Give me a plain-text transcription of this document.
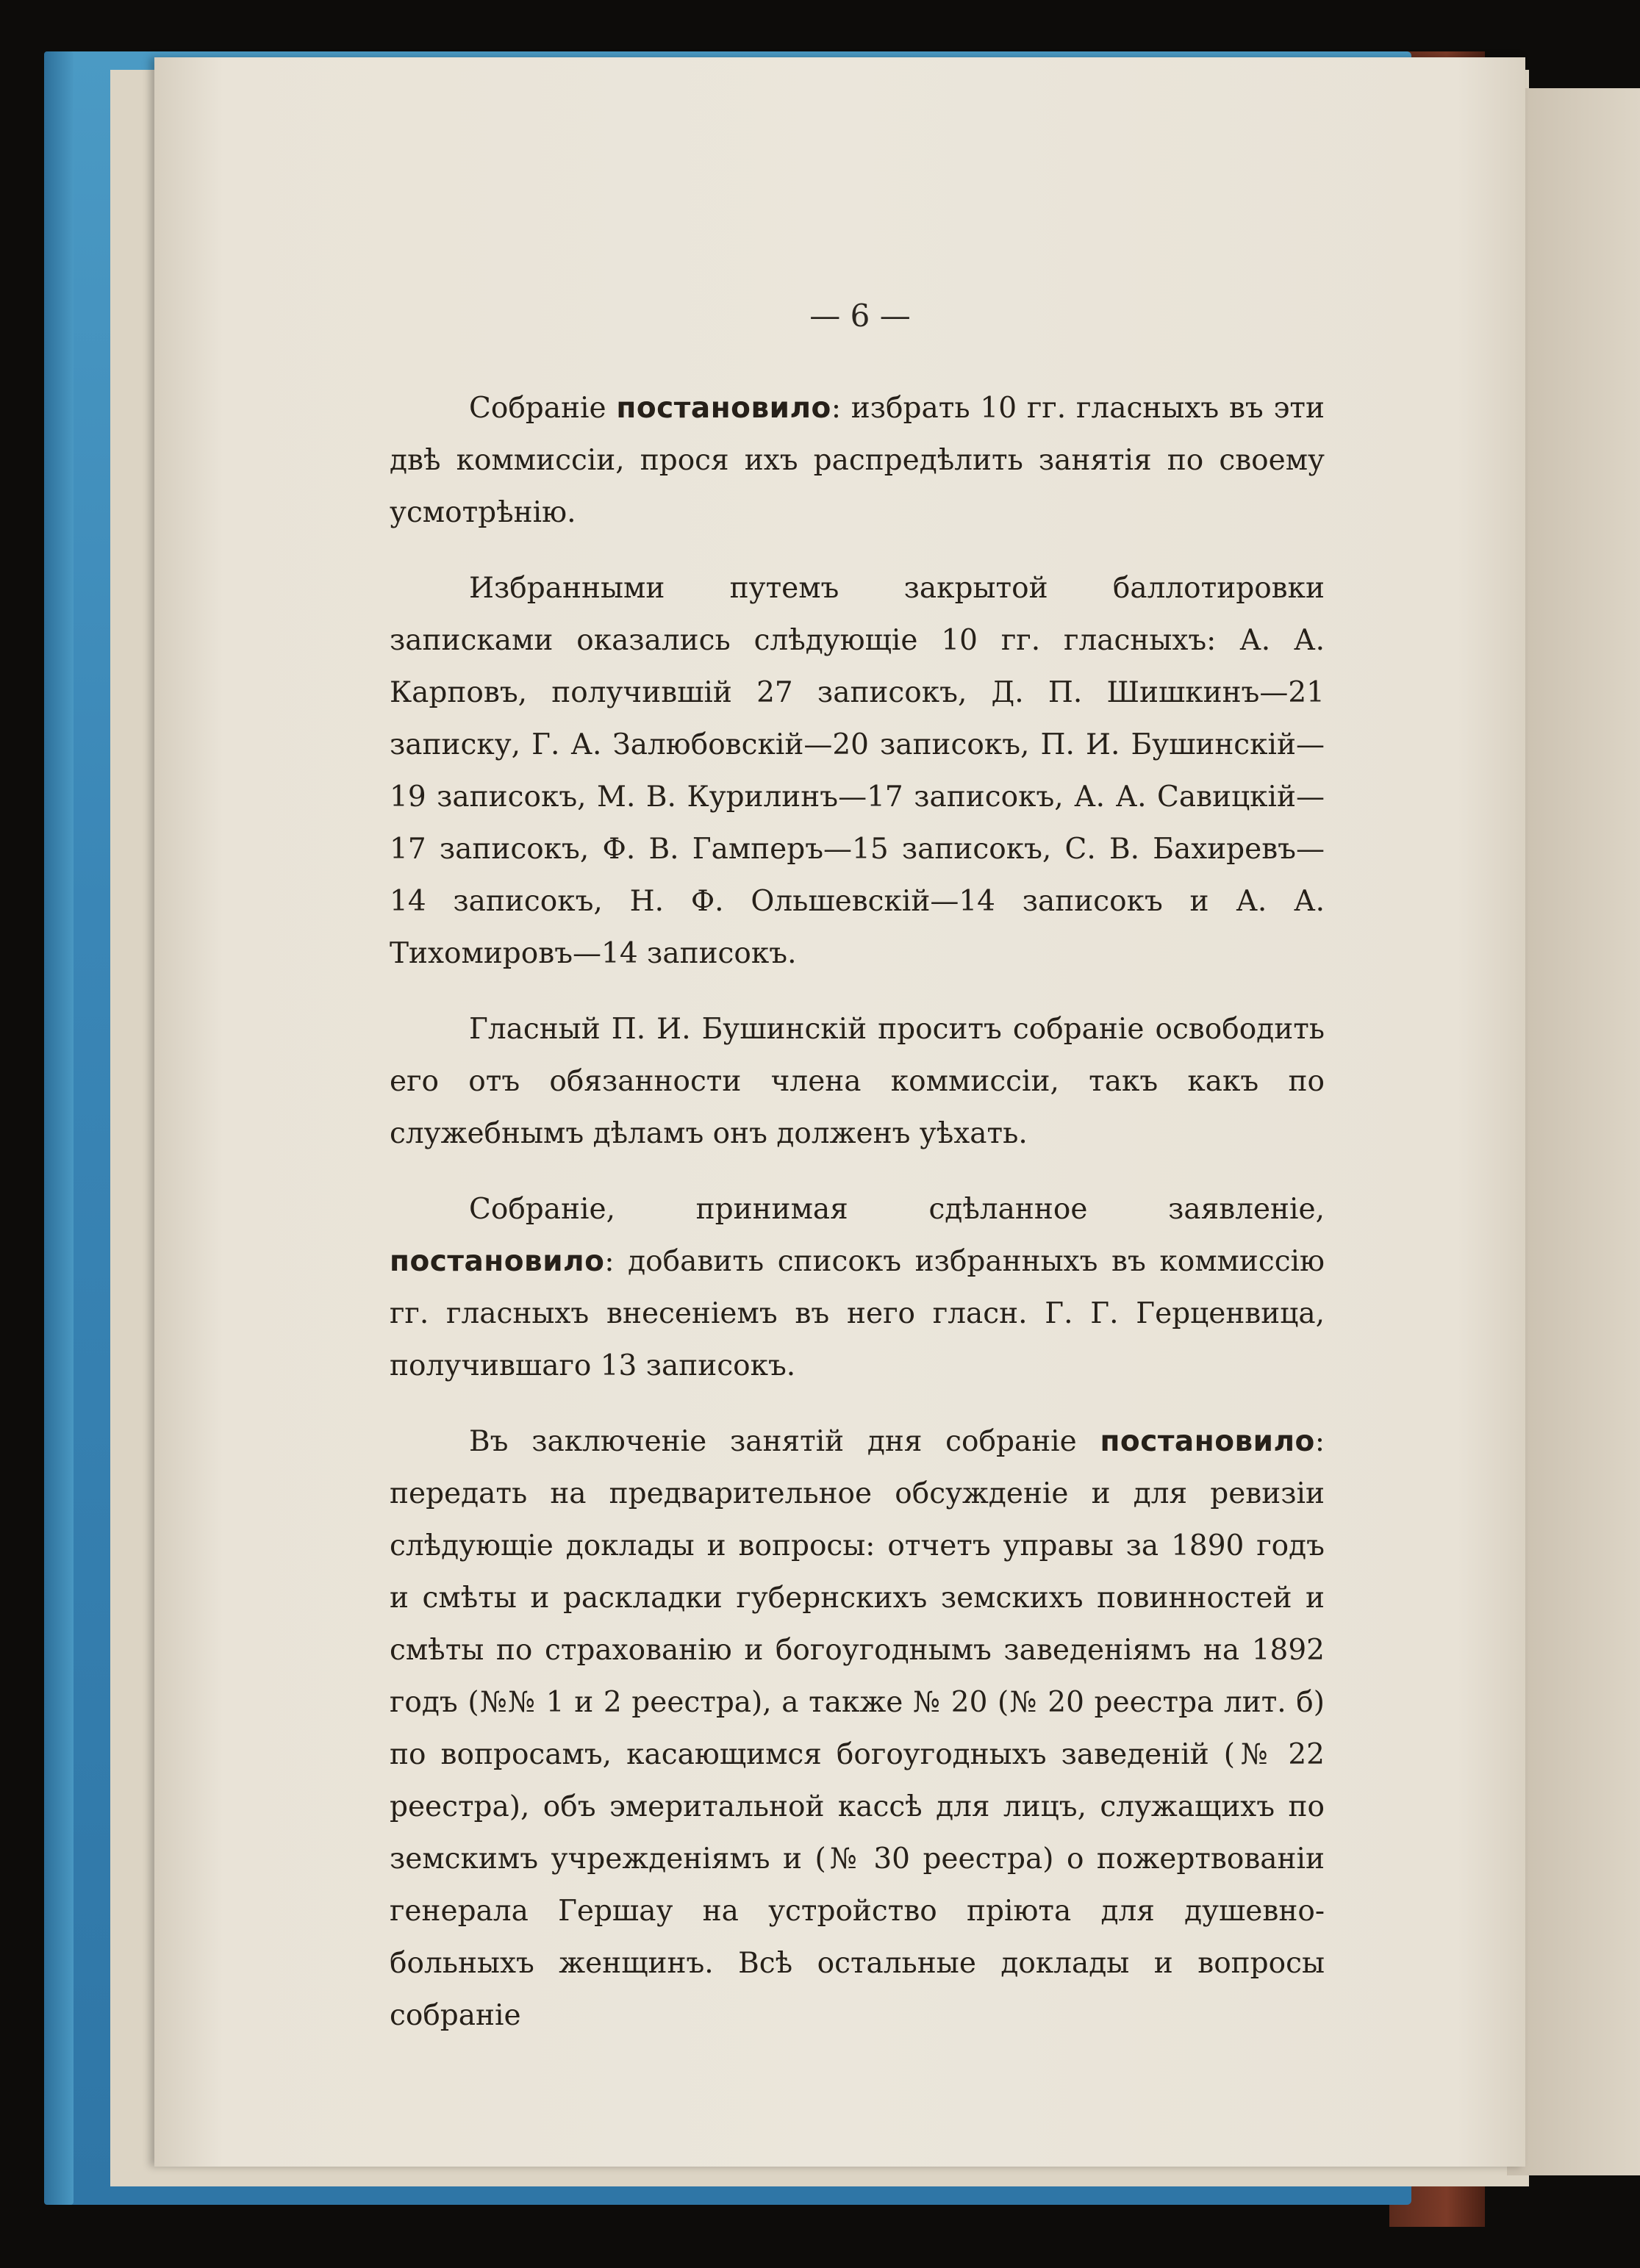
— 6 —

Собраніе постановило: избрать 10 гг. гласныхъ въ эти двѣ коммиссіи, прося ихъ распредѣлить занятія по своему усмотрѣнію.

Избранными путемъ закрытой баллотировки записками оказались слѣдующіе 10 гг. гласныхъ: А. А. Карповъ, получившій 27 записокъ, Д. П. Шишкинъ—21 записку, Г. А. Залюбовскій—20 записокъ, П. И. Бушинскій—19 записокъ, М. В. Курилинъ—17 записокъ, А. А. Савицкій—17 записокъ, Ф. В. Гамперъ—15 записокъ, С. В. Бахиревъ—14 записокъ, Н. Ф. Ольшевскій—14 записокъ и А. А. Тихомировъ—14 записокъ.

Гласный П. И. Бушинскій проситъ собраніе освободить его отъ обязанности члена коммиссіи, такъ какъ по служебнымъ дѣламъ онъ долженъ уѣхать.

Собраніе, принимая сдѣланное заявленіе, постановило: добавить списокъ избранныхъ въ коммиссію гг. гласныхъ внесеніемъ въ него гласн. Г. Г. Герценвица, получившаго 13 записокъ.

Въ заключеніе занятій дня собраніе постановило: передать на предварительное обсужденіе и для ревизіи слѣдующіе доклады и вопросы: отчетъ управы за 1890 годъ и смѣты и раскладки губернскихъ земскихъ повинностей и смѣты по страхованію и богоугоднымъ заведеніямъ на 1892 годъ (№№ 1 и 2 реестра), а также № 20 (№ 20 реестра лит. б) по вопросамъ, касающимся богоугодныхъ заведеній (№ 22 реестра), объ эмеритальной кассѣ для лицъ, служащихъ по земскимъ учрежденіямъ и (№ 30 реестра) о пожертвованіи генерала Гершау на устройство пріюта для душевно-больныхъ женщинъ. Всѣ остальные доклады и вопросы собраніе
